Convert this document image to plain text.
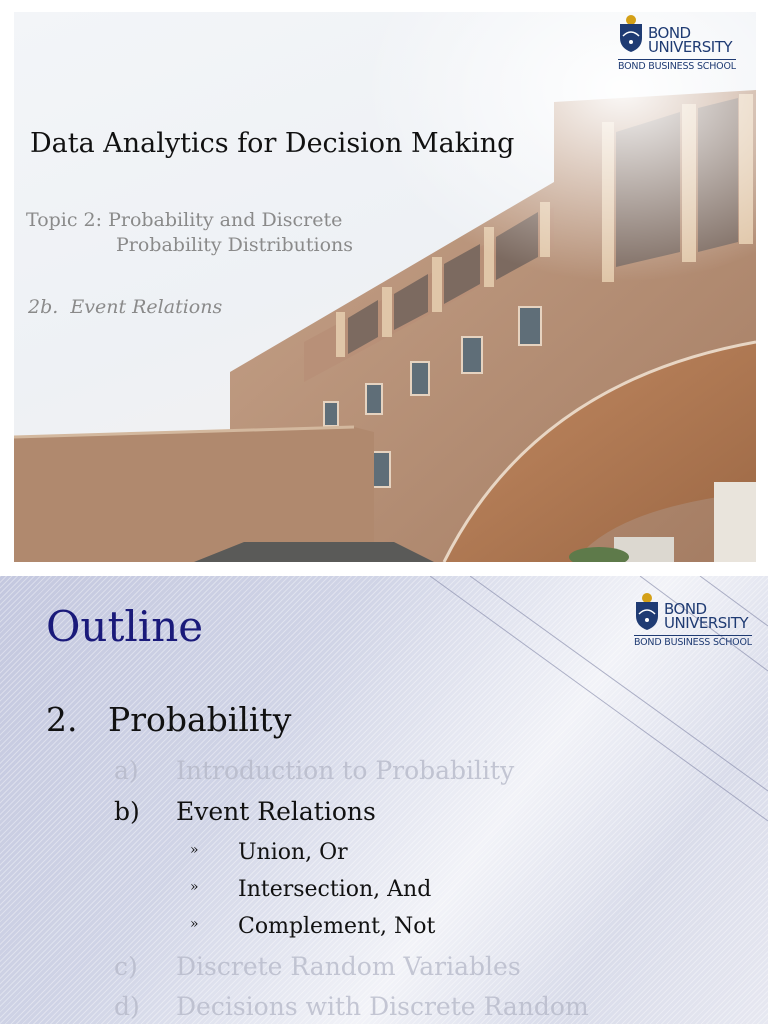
Data Analytics for Decision Making
Topic 2: Probability and Discrete
Probability Distributions
2b.  Event Relations
BOND
UNIVERSITY
BOND BUSINESS SCHOOL
Outline	BOND
UNIVERSITY
BOND BUSINESS SCHOOL
2. Probability
a) Introduction to Probability
b) Event Relations
» Union, Or
» Intersection, And
» Complement, Not
c) Discrete Random Variables
d) Decisions with Discrete Random
